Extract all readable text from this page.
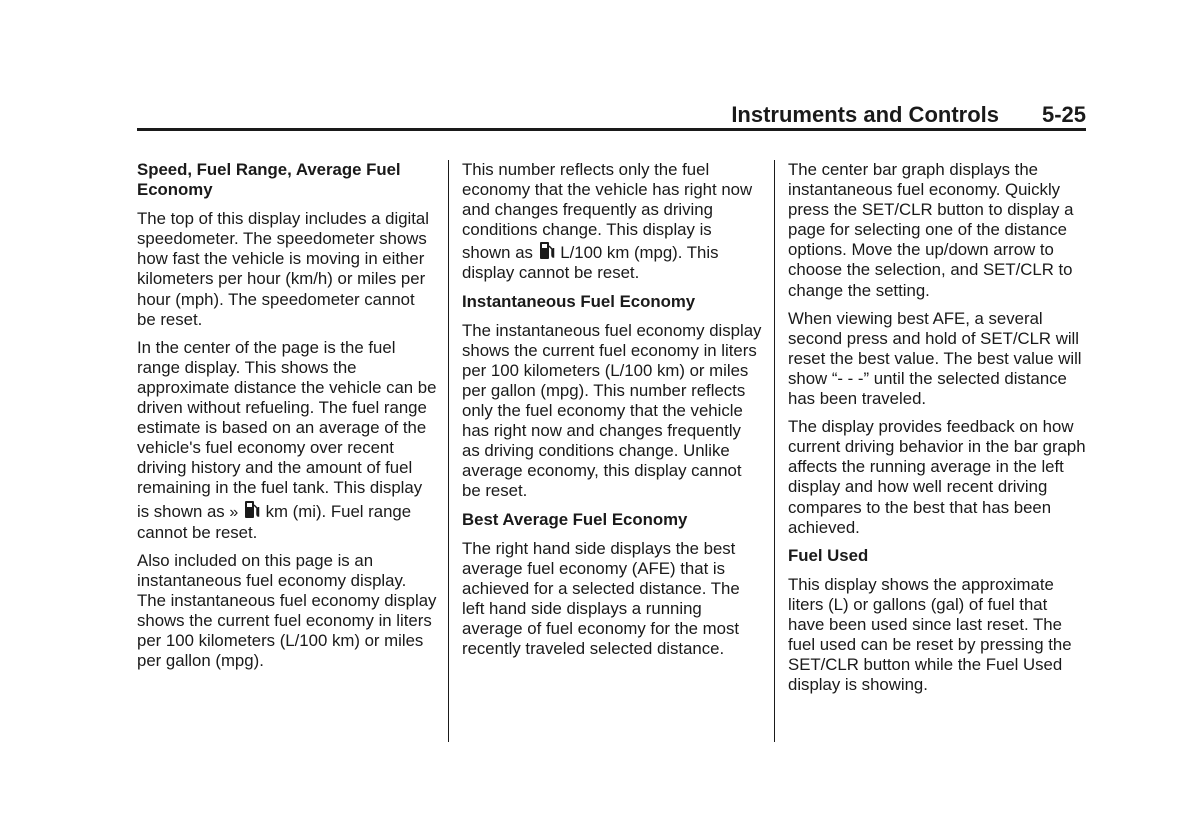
Instruments and Controls 5-25
Speed, Fuel Range, Average Fuel Economy

The top of this display includes a digital speedometer. The speedometer shows how fast the vehicle is moving in either kilometers per hour (km/h) or miles per hour (mph). The speedometer cannot be reset.

In the center of the page is the fuel range display. This shows the approximate distance the vehicle can be driven without refueling. The fuel range estimate is based on an average of the vehicle's fuel economy over recent driving history and the amount of fuel remaining in the fuel tank. This display is shown as » km (mi). Fuel range cannot be reset.

Also included on this page is an instantaneous fuel economy display. The instantaneous fuel economy display shows the current fuel economy in liters per 100 kilometers (L/100 km) or miles per gallon (mpg).

This number reflects only the fuel economy that the vehicle has right now and changes frequently as driving conditions change. This display is shown as L/100 km (mpg). This display cannot be reset.

Instantaneous Fuel Economy

The instantaneous fuel economy display shows the current fuel economy in liters per 100 kilometers (L/100 km) or miles per gallon (mpg). This number reflects only the fuel economy that the vehicle has right now and changes frequently as driving conditions change. Unlike average economy, this display cannot be reset.

Best Average Fuel Economy

The right hand side displays the best average fuel economy (AFE) that is achieved for a selected distance. The left hand side displays a running average of fuel economy for the most recently traveled selected distance.

The center bar graph displays the instantaneous fuel economy. Quickly press the SET/CLR button to display a page for selecting one of the distance options. Move the up/down arrow to choose the selection, and SET/CLR to change the setting.

When viewing best AFE, a several second press and hold of SET/CLR will reset the best value. The best value will show “- - -” until the selected distance has been traveled.

The display provides feedback on how current driving behavior in the bar graph affects the running average in the left display and how well recent driving compares to the best that has been achieved.

Fuel Used

This display shows the approximate liters (L) or gallons (gal) of fuel that have been used since last reset. The fuel used can be reset by pressing the SET/CLR button while the Fuel Used display is showing.
